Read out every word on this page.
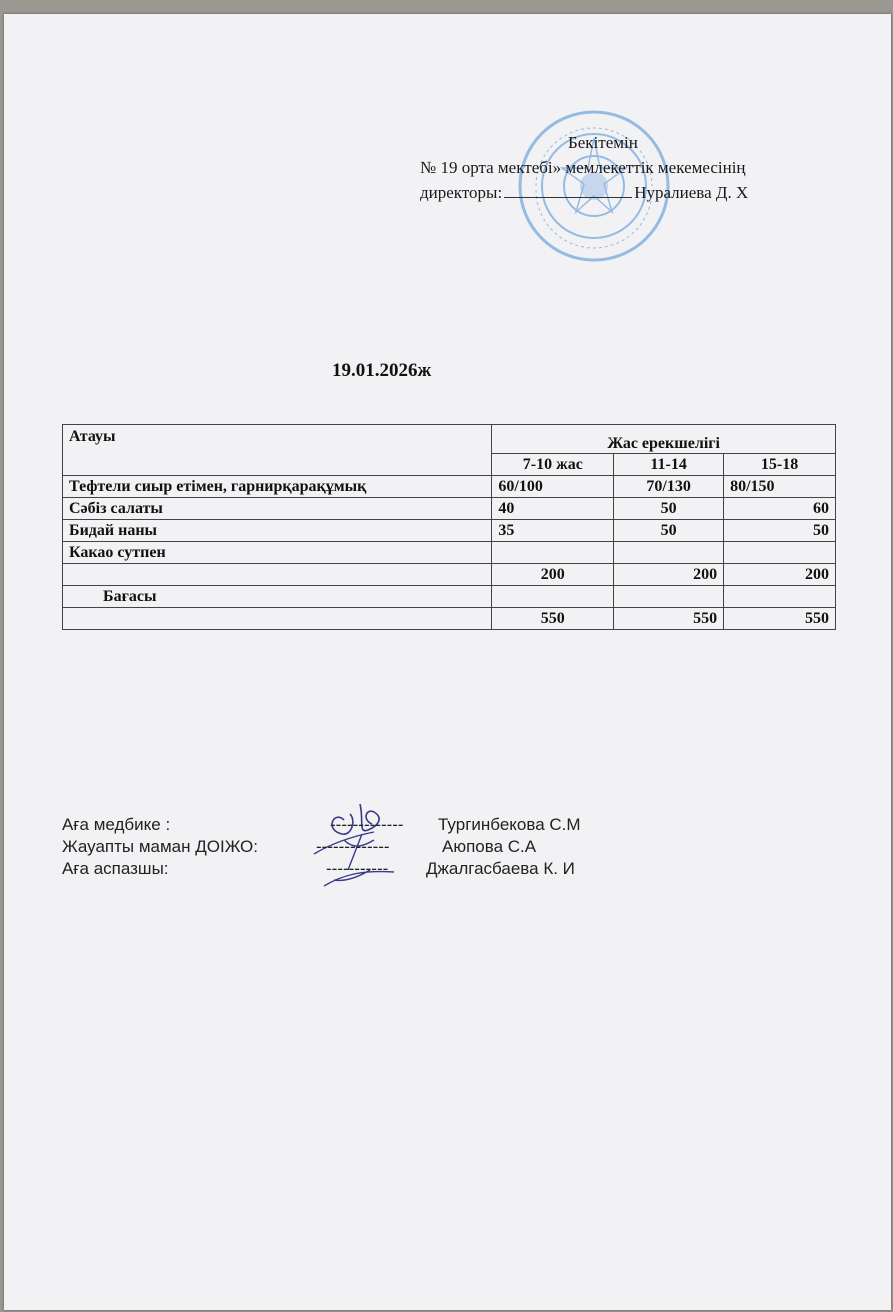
Бекітемін
№ 19 орта мектебі» мемлекеттік мекемесінің
директоры:	Нуралиева Д. Х
19.01.2026ж
Атауы	Жас ерекшелігі		
	7-10 жас	11-14	15-18
Тефтели сиыр етімен, гарнирқарақұмық	60/100	70/130	80/150
Сәбіз салаты	40	50	60
Бидай наны	35	50	50
Какао сутпен			
	200	200	200
Бағасы			
	550	550	550
Аға медбике :	------------- Тургинбекова С.М
Жауапты маман ДОІЖО:	-------------	Аюпова С.А
Аға аспазшы:	----------- Джалгасбаева К. И
